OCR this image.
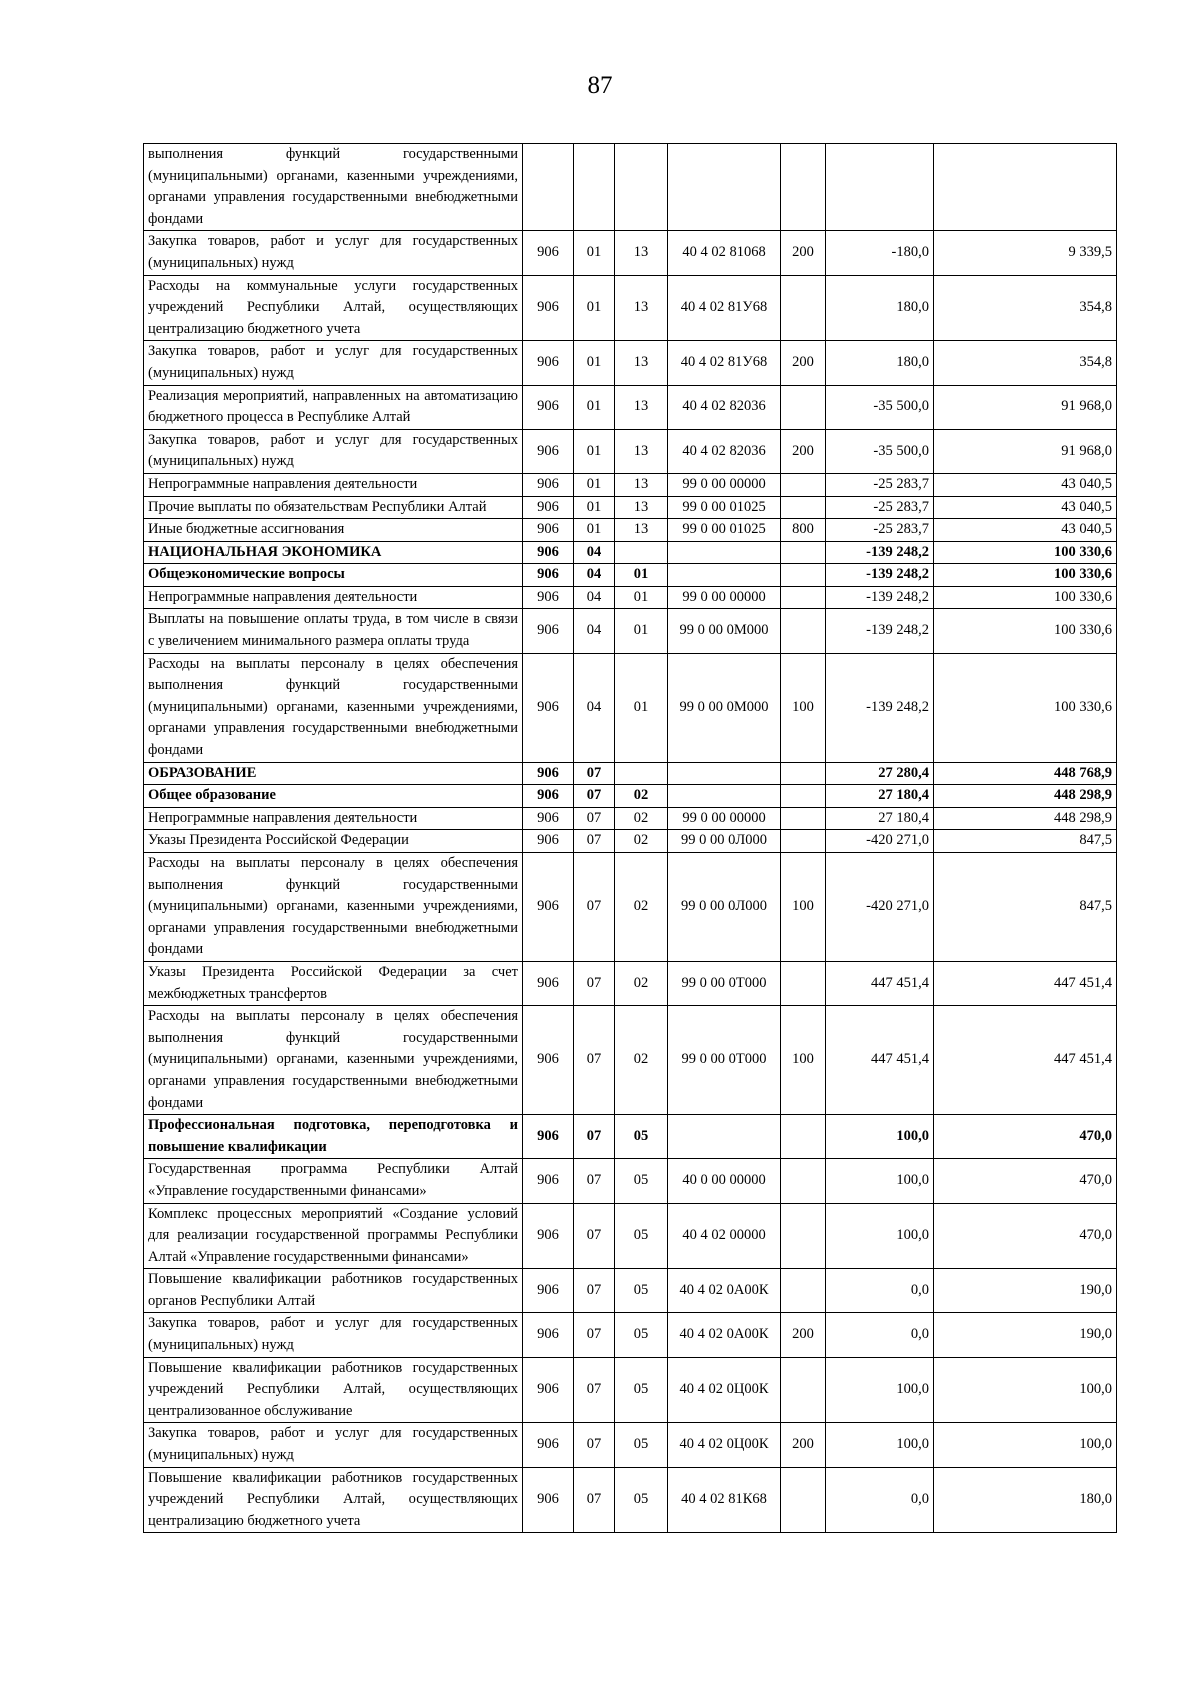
87
выполнения функций государственными (муниципальными) органами, казенными учреждениями, органами управления государственными внебюджетными фондами							
Закупка товаров, работ и услуг для государственных (муниципальных) нужд	906	01	13	40 4 02 81068	200	-180,0	9 339,5
Расходы на коммунальные услуги государственных учреждений Республики Алтай, осуществляющих централизацию бюджетного учета	906	01	13	40 4 02 81У68		180,0	354,8
Закупка товаров, работ и услуг для государственных (муниципальных) нужд	906	01	13	40 4 02 81У68	200	180,0	354,8
Реализация мероприятий, направленных на автоматизацию бюджетного процесса в Республике Алтай	906	01	13	40 4 02 82036		-35 500,0	91 968,0
Закупка товаров, работ и услуг для государственных (муниципальных) нужд	906	01	13	40 4 02 82036	200	-35 500,0	91 968,0
Непрограммные направления деятельности	906	01	13	99 0 00 00000		-25 283,7	43 040,5
Прочие выплаты по обязательствам Республики Алтай	906	01	13	99 0 00 01025		-25 283,7	43 040,5
Иные бюджетные ассигнования	906	01	13	99 0 00 01025	800	-25 283,7	43 040,5
НАЦИОНАЛЬНАЯ ЭКОНОМИКА	906	04				-139 248,2	100 330,6
Общеэкономические вопросы	906	04	01			-139 248,2	100 330,6
Непрограммные направления деятельности	906	04	01	99 0 00 00000		-139 248,2	100 330,6
Выплаты на повышение оплаты труда, в том числе в связи с увеличением минимального размера оплаты труда	906	04	01	99 0 00 0М000		-139 248,2	100 330,6
Расходы на выплаты персоналу в целях обеспечения выполнения функций государственными (муниципальными) органами, казенными учреждениями, органами управления государственными внебюджетными фондами	906	04	01	99 0 00 0М000	100	-139 248,2	100 330,6
ОБРАЗОВАНИЕ	906	07				27 280,4	448 768,9
Общее образование	906	07	02			27 180,4	448 298,9
Непрограммные направления деятельности	906	07	02	99 0 00 00000		27 180,4	448 298,9
Указы Президента Российской Федерации	906	07	02	99 0 00 0Л000		-420 271,0	847,5
Расходы на выплаты персоналу в целях обеспечения выполнения функций государственными (муниципальными) органами, казенными учреждениями, органами управления государственными внебюджетными фондами	906	07	02	99 0 00 0Л000	100	-420 271,0	847,5
Указы Президента Российской Федерации за счет межбюджетных трансфертов	906	07	02	99 0 00 0Т000		447 451,4	447 451,4
Расходы на выплаты персоналу в целях обеспечения выполнения функций государственными (муниципальными) органами, казенными учреждениями, органами управления государственными внебюджетными фондами	906	07	02	99 0 00 0Т000	100	447 451,4	447 451,4
Профессиональная подготовка, переподготовка и повышение квалификации	906	07	05			100,0	470,0
Государственная программа Республики Алтай «Управление государственными финансами»	906	07	05	40 0 00 00000		100,0	470,0
Комплекс процессных мероприятий «Создание условий для реализации государственной программы Республики Алтай «Управление государственными финансами»	906	07	05	40 4 02 00000		100,0	470,0
Повышение квалификации работников государственных органов Республики Алтай	906	07	05	40 4 02 0А00К		0,0	190,0
Закупка товаров, работ и услуг для государственных (муниципальных) нужд	906	07	05	40 4 02 0А00К	200	0,0	190,0
Повышение квалификации работников государственных учреждений Республики Алтай, осуществляющих централизованное обслуживание	906	07	05	40 4 02 0Ц00К		100,0	100,0
Закупка товаров, работ и услуг для государственных (муниципальных) нужд	906	07	05	40 4 02 0Ц00К	200	100,0	100,0
Повышение квалификации работников государственных учреждений Республики Алтай, осуществляющих централизацию бюджетного учета	906	07	05	40 4 02 81К68		0,0	180,0
